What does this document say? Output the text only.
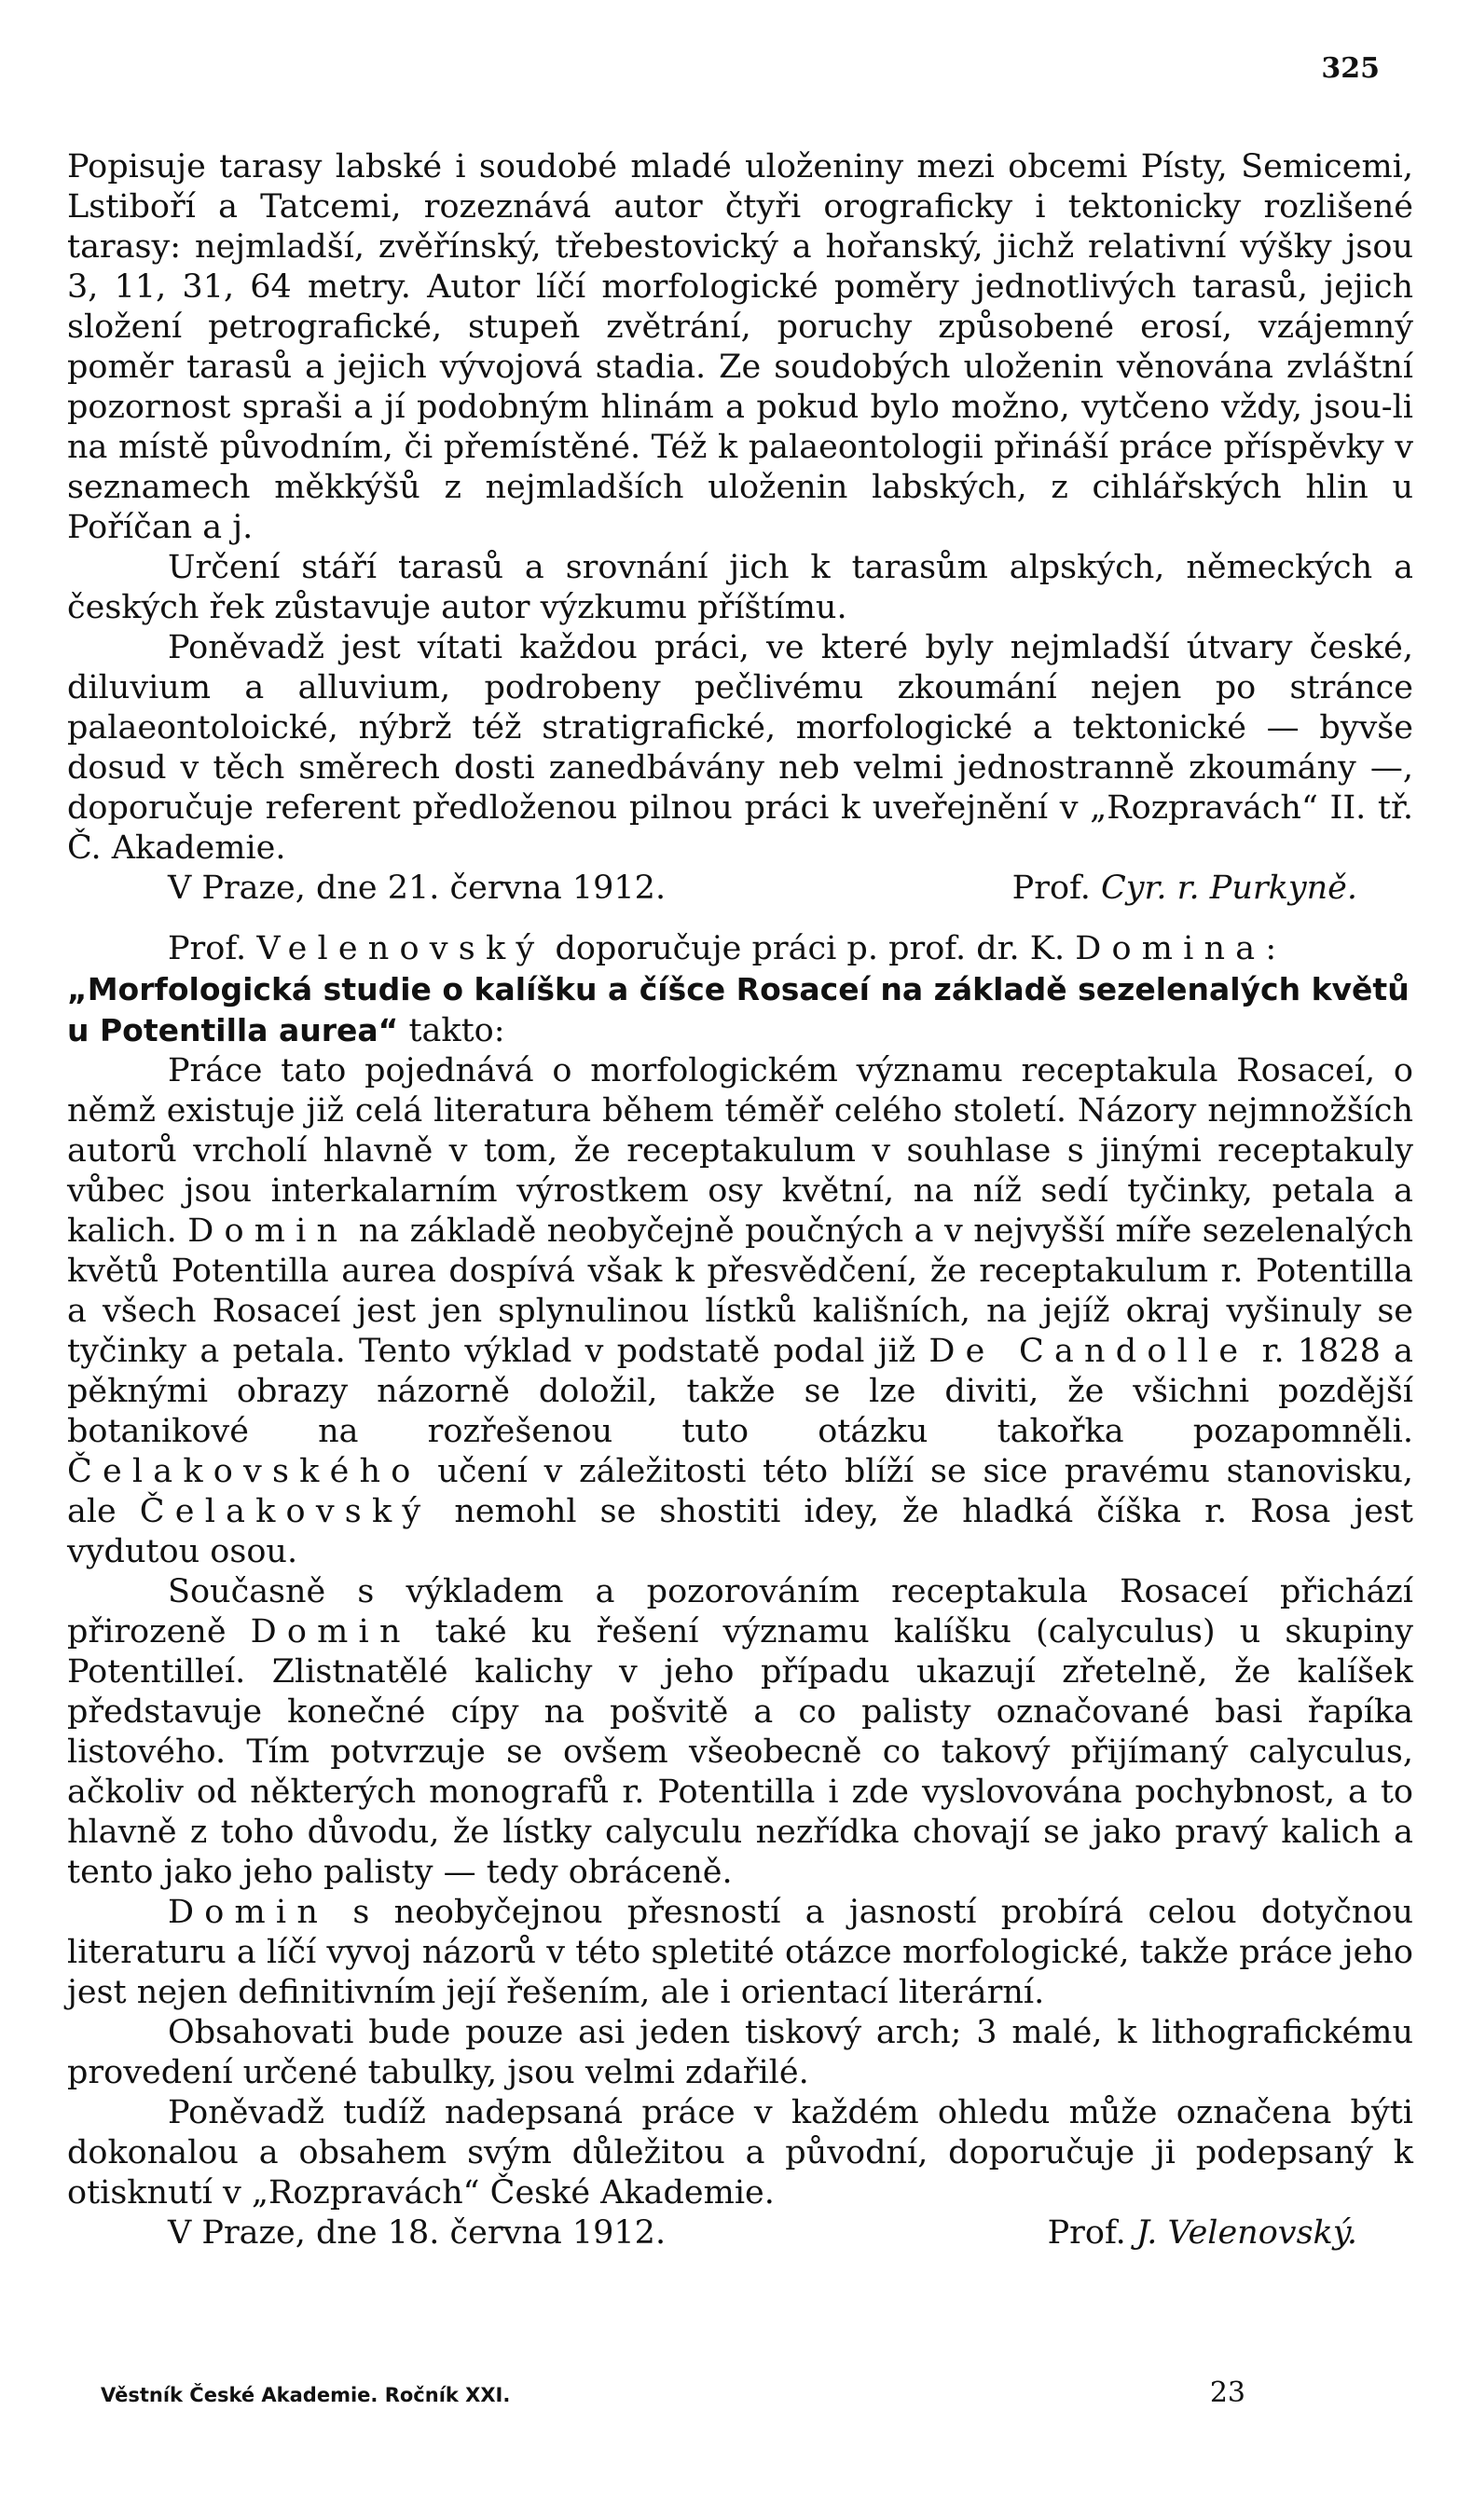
325

Popisuje tarasy labské i soudobé mladé uloženiny mezi obcemi Písty, Semicemi, Lstiboří a Tatcemi, rozeznává autor čtyři orograficky i tektonicky rozlišené tarasy: nejmladší, zvěřínský, třebestovický a hořanský, jichž relativní výšky jsou 3, 11, 31, 64 metry. Autor líčí morfologické poměry jednotlivých tarasů, jejich složení petrografické, stupeň zvětrání, poruchy způsobené erosí, vzájemný poměr tarasů a jejich vývojová stadia. Ze soudobých uloženin věnována zvláštní pozornost spraši a jí podobným hlinám a pokud bylo možno, vytčeno vždy, jsou-li na místě původním, či přemístěné. Též k palaeontologii přináší práce příspěvky v seznamech měkkýšů z nejmladších uloženin labských, z cihlářských hlin u Poříčan a j.

Určení stáří tarasů a srovnání jich k tarasům alpských, německých a českých řek zůstavuje autor výzkumu příštímu.

Poněvadž jest vítati každou práci, ve které byly nejmladší útvary české, diluvium a alluvium, podrobeny pečlivému zkoumání nejen po stránce palaeontoloické, nýbrž též stratigrafické, morfologické a tektonické — byvše dosud v těch směrech dosti zanedbávány neb velmi jednostranně zkoumány —, doporučuje referent předloženou pilnou práci k uveřejnění v „Rozpravách“ II. tř. Č. Akademie.

V Praze, dne 21. června 1912.	Prof. Cyr. r. Purkyně.

Prof. Velenovský doporučuje práci p. prof. dr. K. Domina:

„Morfologická studie o kalíšku a číšce Rosaceí na základě sezelenalých květů u Potentilla aurea“ takto:

Práce tato pojednává o morfologickém významu receptakula Rosaceí, o němž existuje již celá literatura během téměř celého století. Názory nejmnožších autorů vrcholí hlavně v tom, že receptakulum v souhlase s jinými receptakuly vůbec jsou interkalarním výrostkem osy květní, na níž sedí tyčinky, petala a kalich. Domin na základě neobyčejně poučných a v nejvyšší míře sezelenalých květů Potentilla aurea dospívá však k přesvědčení, že receptakulum r. Potentilla a všech Rosaceí jest jen splynulinou lístků kališních, na jejíž okraj vyšinuly se tyčinky a petala. Tento výklad v podstatě podal již De Candolle r. 1828 a pěknými obrazy názorně doložil, takže se lze diviti, že všichni pozdější botanikové na rozřešenou tuto otázku takořka pozapomněli. Čelakovského učení v záležitosti této blíží se sice pravému stanovisku, ale Čelakovský nemohl se shostiti idey, že hladká číška r. Rosa jest vydutou osou.

Současně s výkladem a pozorováním receptakula Rosaceí přichází přirozeně Domin také ku řešení významu kalíšku (calyculus) u skupiny Potentilleí. Zlistnatělé kalichy v jeho případu ukazují zřetelně, že kalíšek představuje konečné cípy na pošvitě a co palisty označované basi řapíka listového. Tím potvrzuje se ovšem všeobecně co takový přijímaný calyculus, ačkoliv od některých monografů r. Potentilla i zde vyslovována pochybnost, a to hlavně z toho důvodu, že lístky calyculu nezřídka chovají se jako pravý kalich a tento jako jeho palisty — tedy obráceně.

Domin s neobyčejnou přesností a jasností probírá celou dotyčnou literaturu a líčí vyvoj názorů v této spletité otázce morfologické, takže práce jeho jest nejen definitivním její řešením, ale i orientací literární.

Obsahovati bude pouze asi jeden tiskový arch; 3 malé, k lithografickému provedení určené tabulky, jsou velmi zdařilé.

Poněvadž tudíž nadepsaná práce v každém ohledu může označena býti dokonalou a obsahem svým důležitou a původní, doporučuje ji podepsaný k otisknutí v „Rozpravách“ České Akademie.

V Praze, dne 18. června 1912.	Prof. J. Velenovský.

Věstník České Akademie. Ročník XXI.	23
